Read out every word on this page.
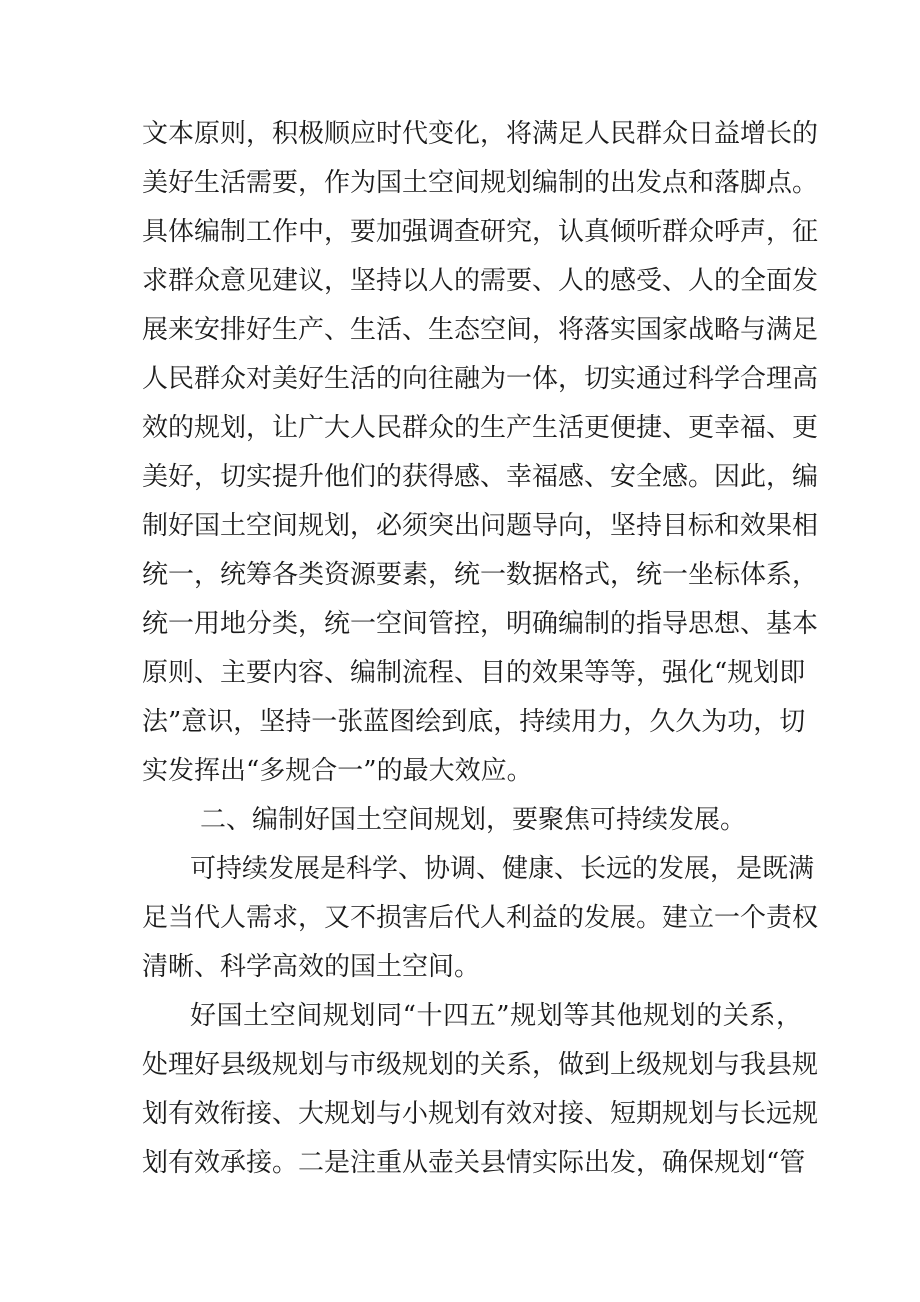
文本原则，积极顺应时代变化，将满足人民群众日益增长的
美好生活需要，作为国土空间规划编制的出发点和落脚点。
具体编制工作中，要加强调查研究，认真倾听群众呼声，征
求群众意见建议，坚持以人的需要、人的感受、人的全面发
展来安排好生产、生活、生态空间，将落实国家战略与满足
人民群众对美好生活的向往融为一体，切实通过科学合理高
效的规划，让广大人民群众的生产生活更便捷、更幸福、更
美好，切实提升他们的获得感、幸福感、安全感。因此，编
制好国土空间规划，必须突出问题导向，坚持目标和效果相
统一，统筹各类资源要素，统一数据格式，统一坐标体系，
统一用地分类，统一空间管控，明确编制的指导思想、基本
原则、主要内容、编制流程、目的效果等等，强化“规划即
法”意识，坚持一张蓝图绘到底，持续用力，久久为功，切
实发挥出“多规合一”的最大效应。
二、编制好国土空间规划，要聚焦可持续发展。
可持续发展是科学、协调、健康、长远的发展，是既满
足当代人需求，又不损害后代人利益的发展。建立一个责权
清晰、科学高效的国土空间。
好国土空间规划同“十四五”规划等其他规划的关系，
处理好县级规划与市级规划的关系，做到上级规划与我县规
划有效衔接、大规划与小规划有效对接、短期规划与长远规
划有效承接。二是注重从壶关县情实际出发，确保规划“管
